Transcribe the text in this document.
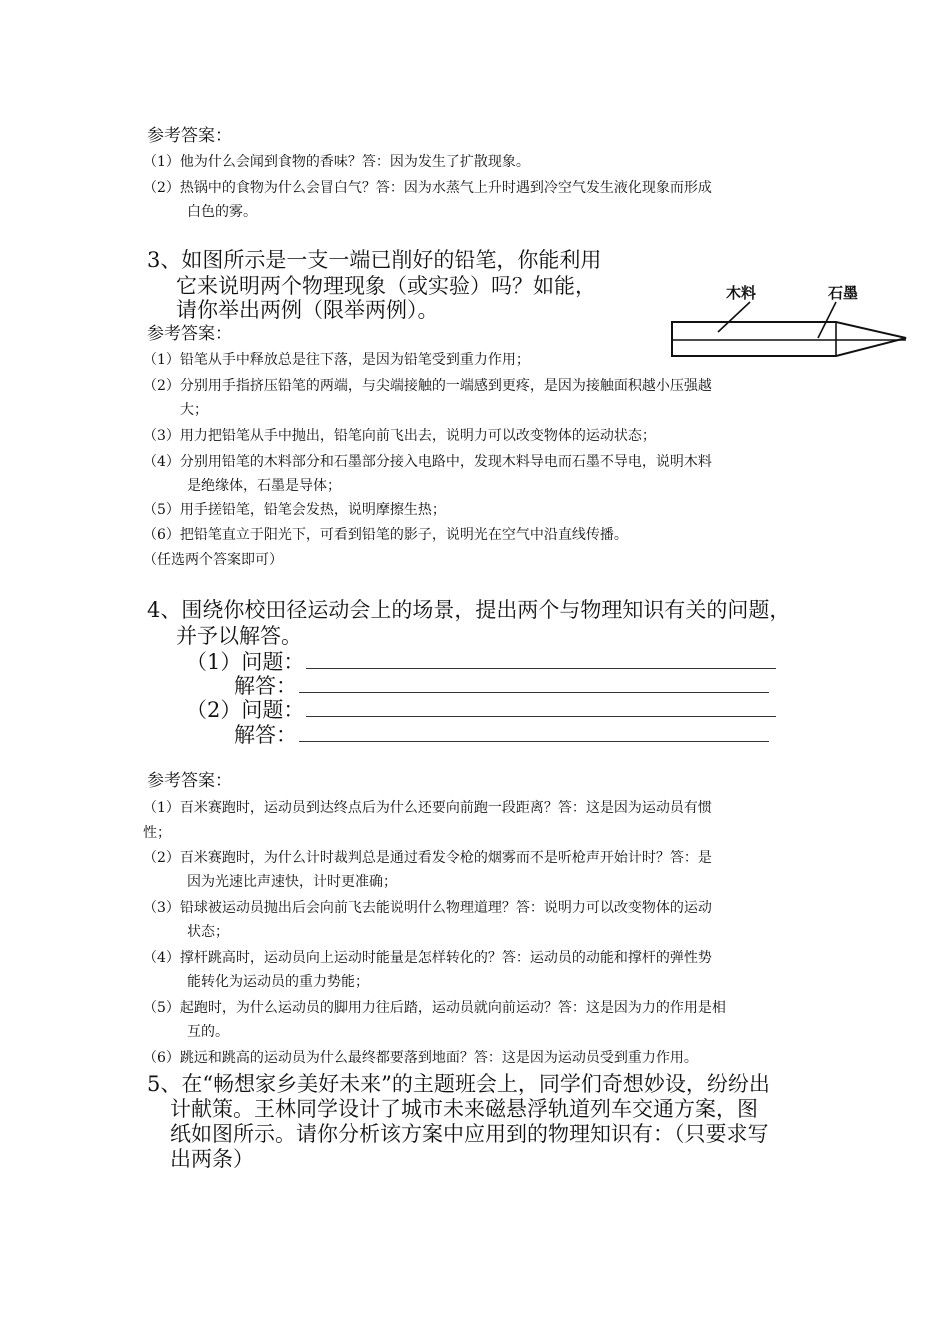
参考答案：
（1）他为什么会闻到食物的香味？答：因为发生了扩散现象。
（2）热锅中的食物为什么会冒白气？答：因为水蒸气上升时遇到冷空气发生液化现象而形成
白色的雾。
3、如图所示是一支一端已削好的铅笔，你能利用
它来说明两个物理现象（或实验）吗？如能，
请你举出两例（限举两例）。
参考答案：
木料	石墨
（1）铅笔从手中释放总是往下落，是因为铅笔受到重力作用；
（2）分别用手指挤压铅笔的两端，与尖端接触的一端感到更疼，是因为接触面积越小压强越
大；
（3）用力把铅笔从手中抛出，铅笔向前飞出去，说明力可以改变物体的运动状态；
（4）分别用铅笔的木料部分和石墨部分接入电路中，发现木料导电而石墨不导电，说明木料
是绝缘体，石墨是导体；
（5）用手搓铅笔，铅笔会发热，说明摩擦生热；
（6）把铅笔直立于阳光下，可看到铅笔的影子，说明光在空气中沿直线传播。
（任选两个答案即可）
4、围绕你校田径运动会上的场景，提出两个与物理知识有关的问题，
并予以解答。
（1）问题：
解答：
（2）问题：
解答：
参考答案：
（1）百米赛跑时，运动员到达终点后为什么还要向前跑一段距离？答：这是因为运动员有惯
性；
（2）百米赛跑时，为什么计时裁判总是通过看发令枪的烟雾而不是听枪声开始计时？答：是
因为光速比声速快，计时更准确；
（3）铅球被运动员抛出后会向前飞去能说明什么物理道理？答：说明力可以改变物体的运动
状态；
（4）撑杆跳高时，运动员向上运动时能量是怎样转化的？答：运动员的动能和撑杆的弹性势
能转化为运动员的重力势能；
（5）起跑时，为什么运动员的脚用力往后踏，运动员就向前运动？答：这是因为力的作用是相
互的。
（6）跳远和跳高的运动员为什么最终都要落到地面？答：这是因为运动员受到重力作用。
5、在“畅想家乡美好未来”的主题班会上，同学们奇想妙设，纷纷出
计献策。王林同学设计了城市未来磁悬浮轨道列车交通方案，图
纸如图所示。请你分析该方案中应用到的物理知识有：（只要求写
出两条）
